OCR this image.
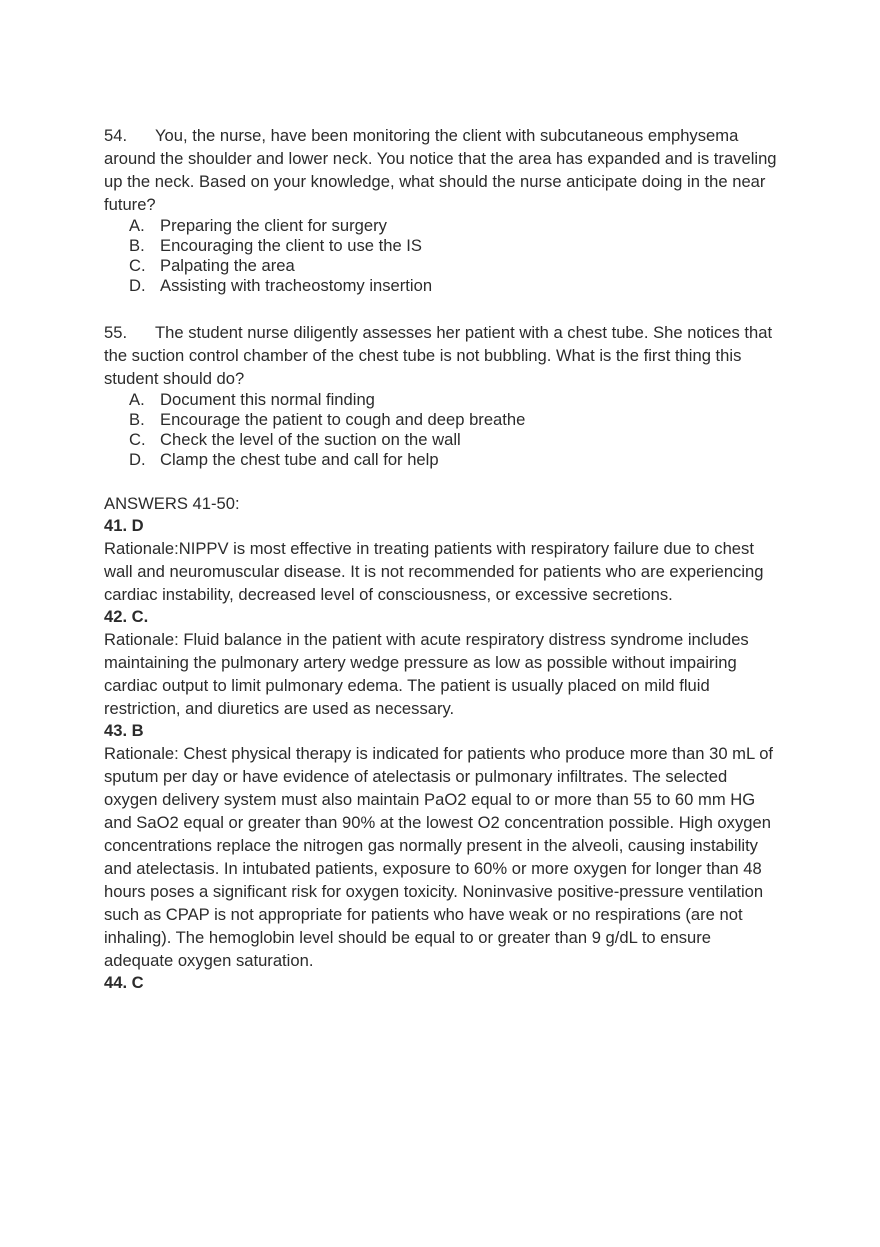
54. You, the nurse, have been monitoring the client with subcutaneous emphysema around the shoulder and lower neck. You notice that the area has expanded and is traveling up the neck. Based on your knowledge, what should the nurse anticipate doing in the near future?

A. Preparing the client for surgery
B. Encouraging the client to use the IS
C. Palpating the area
D. Assisting with tracheostomy insertion

55. The student nurse diligently assesses her patient with a chest tube. She notices that the suction control chamber of the chest tube is not bubbling. What is the first thing this student should do?

A. Document this normal finding
B. Encourage the patient to cough and deep breathe
C. Check the level of the suction on the wall
D. Clamp the chest tube and call for help

ANSWERS 41-50:

41. D

Rationale:NIPPV is most effective in treating patients with respiratory failure due to chest wall and neuromuscular disease. It is not recommended for patients who are experiencing cardiac instability, decreased level of consciousness, or excessive secretions.

42. C.

Rationale: Fluid balance in the patient with acute respiratory distress syndrome includes maintaining the pulmonary artery wedge pressure as low as possible without impairing cardiac output to limit pulmonary edema. The patient is usually placed on mild fluid restriction, and diuretics are used as necessary.

43. B

Rationale: Chest physical therapy is indicated for patients who produce more than 30 mL of sputum per day or have evidence of atelectasis or pulmonary infiltrates. The selected oxygen delivery system must also maintain PaO2 equal to or more than 55 to 60 mm HG and SaO2 equal or greater than 90% at the lowest O2 concentration possible. High oxygen concentrations replace the nitrogen gas normally present in the alveoli, causing instability and atelectasis. In intubated patients, exposure to 60% or more oxygen for longer than 48 hours poses a significant risk for oxygen toxicity. Noninvasive positive-pressure ventilation such as CPAP is not appropriate for patients who have weak or no respirations (are not inhaling). The hemoglobin level should be equal to or greater than 9 g/dL to ensure adequate oxygen saturation.

44. C
